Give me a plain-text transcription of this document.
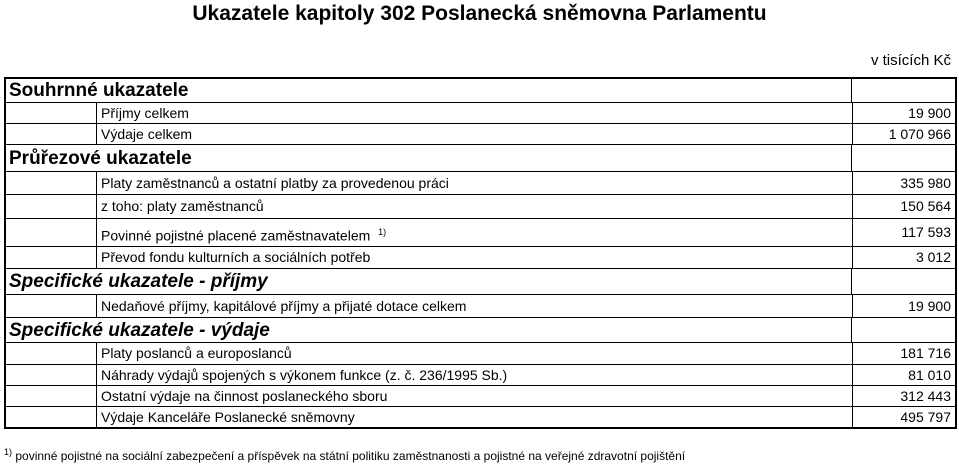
Ukazatele kapitoly 302 Poslanecká sněmovna Parlamentu
v tisících Kč
Souhrnné ukazatele
Příjmy celkem	19 900
Výdaje celkem	1 070 966
Průřezové ukazatele
Platy zaměstnanců a ostatní platby za provedenou práci	335 980
z toho: platy zaměstnanců	150 564
Povinné pojistné placené zaměstnavatelem $^{1)}$	117 593
Převod fondu kulturních a sociálních potřeb	3 012
Specifické ukazatele - příjmy
Nedaňové příjmy, kapitálové příjmy a přijaté dotace celkem	19 900
Specifické ukazatele - výdaje
Platy poslanců a europoslanců	181 716
Náhrady výdajů spojených s výkonem funkce (z. č. 236/1995 Sb.)	81 010
Ostatní výdaje na činnost poslaneckého sboru	312 443
Výdaje Kanceláře Poslanecké sněmovny	495 797
$^{1)}$ povinné pojistné na sociální zabezpečení a příspěvek na státní politiku zaměstnanosti a pojistné na veřejné zdravotní pojištění
